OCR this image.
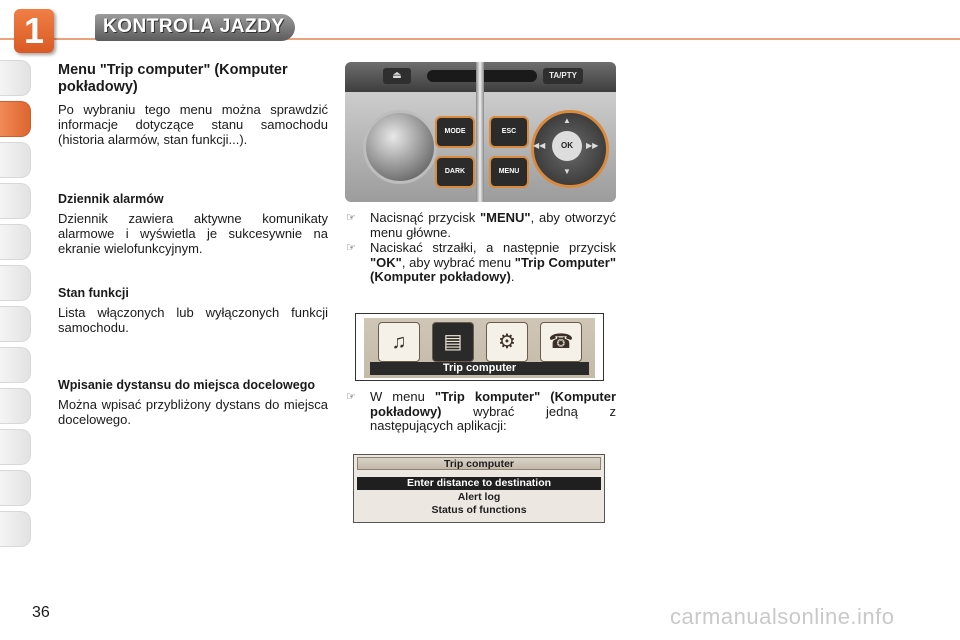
1	KONTROLA JAZDY
Menu "Trip computer" (Komputer pokładowy)

Po wybraniu tego menu można sprawdzić informacje dotyczące stanu samochodu (historia alarmów, stan funkcji...).

Dziennik alarmów

Dziennik zawiera aktywne komunikaty alarmowe i wyświetla je sukcesywnie na ekranie wielofunkcyjnym.

Stan funkcji

Lista włączonych lub wyłączonych funkcji samochodu.

Wpisanie dystansu do miejsca docelowego

Można wpisać przybliżony dystans do miejsca docelowego.

⏏	TA/PTY
MODE
DARK
ESC
MENU
OK
▲
▼
◀◀	▶▶
☞ Nacisnąć przycisk "MENU", aby otworzyć menu główne.
☞ Naciskać strzałki, a następnie przycisk "OK", aby wybrać menu "Trip Computer" (Komputer pokładowy).
♫	▤	⚙	☎
Trip computer
☞ W menu "Trip komputer" (Komputer pokładowy) wybrać jedną z następujących aplikacji:
Trip computer
Enter distance to destination
Alert log
Status of functions
36	carmanualsonline.info
